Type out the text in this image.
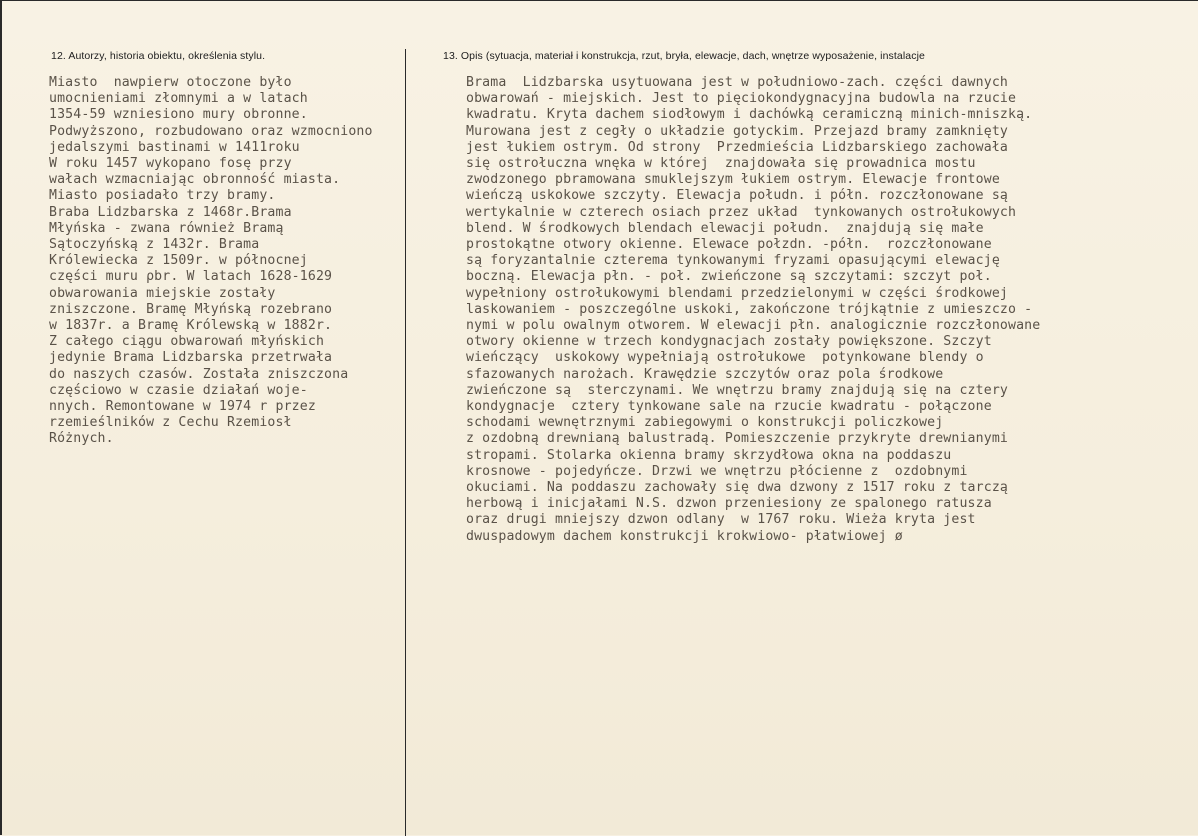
12. Autorzy, historia obiektu, określenia stylu.	13. Opis (sytuacja, materiał i konstrukcja, rzut, bryła, elewacje, dach, wnętrze wyposażenie, instalacje
Miasto  nawpierw otoczone było
umocnieniami złomnymi a w latach
1354-59 wzniesiono mury obronne.
Podwyższono, rozbudowano oraz wzmocniono
jedalszymi bastinami w 1411roku
W roku 1457 wykopano fosę przy
wałach wzmacniając obronność miasta.
Miasto posiadało trzy bramy.
Braba Lidzbarska z 1468r.Brama
Młyńska - zwana również Bramą
Sątoczyńską z 1432r. Brama
Królewiecka z 1509r. w północnej
części muru ρbr. W latach 1628-1629
obwarowania miejskie zostały
zniszczone. Bramę Młyńską rozebrano
w 1837r. a Bramę Królewską w 1882r.
Z całego ciągu obwarowań młyńskich
jedynie Brama Lidzbarska przetrwała
do naszych czasów. Została zniszczona
częściowo w czasie działań woje-
nnych. Remontowane w 1974 r przez
rzemieślników z Cechu Rzemiosł
Różnych.
Brama  Lidzbarska usytuowana jest w południowo-zach. części dawnych
obwarowań - miejskich. Jest to pięciokondygnacyjna budowla na rzucie
kwadratu. Kryta dachem siodłowym i dachówką ceramiczną minich-mniszką.
Murowana jest z cegły o układzie gotyckim. Przejazd bramy zamknięty
jest łukiem ostrym. Od strony  Przedmieścia Lidzbarskiego zachowała
się ostrołuczna wnęka w której  znajdowała się prowadnica mostu
zwodzonego pbramowana smuklejszym łukiem ostrym. Elewacje frontowe
wieńczą uskokowe szczyty. Elewacja połudn. i półn. rozczłonowane są
wertykalnie w czterech osiach przez układ  tynkowanych ostrołukowych
blend. W środkowych blendach elewacji połudn.  znajdują się małe
prostokątne otwory okienne. Elewace połzdn. -półn.  rozczłonowane
są foryzantalnie czterema tynkowanymi fryzami opasującymi elewację
boczną. Elewacja płn. - poł. zwieńczone są szczytami: szczyt poł.
wypełniony ostrołukowymi blendami przedzielonymi w części środkowej
laskowaniem - poszczególne uskoki, zakończone trójkątnie z umieszczo -
nymi w polu owalnym otworem. W elewacji płn. analogicznie rozczłonowane
otwory okienne w trzech kondygnacjach zostały powiększone. Szczyt
wieńczący  uskokowy wypełniają ostrołukowe  potynkowane blendy o
sfazowanych narożach. Krawędzie szczytów oraz pola środkowe
zwieńczone są  sterczynami. We wnętrzu bramy znajdują się na cztery
kondygnacje  cztery tynkowane sale na rzucie kwadratu - połączone
schodami wewnętrznymi zabiegowymi o konstrukcji policzkowej
z ozdobną drewnianą balustradą. Pomieszczenie przykryte drewnianymi
stropami. Stolarka okienna bramy skrzydłowa okna na poddaszu
krosnowe - pojedyńcze. Drzwi we wnętrzu płócienne z  ozdobnymi
okuciami. Na poddaszu zachowały się dwa dzwony z 1517 roku z tarczą
herbową i inicjałami N.S. dzwon przeniesiony ze spalonego ratusza
oraz drugi mniejszy dzwon odlany  w 1767 roku. Wieża kryta jest
dwuspadowym dachem konstrukcji krokwiowo- płatwiowej ø
